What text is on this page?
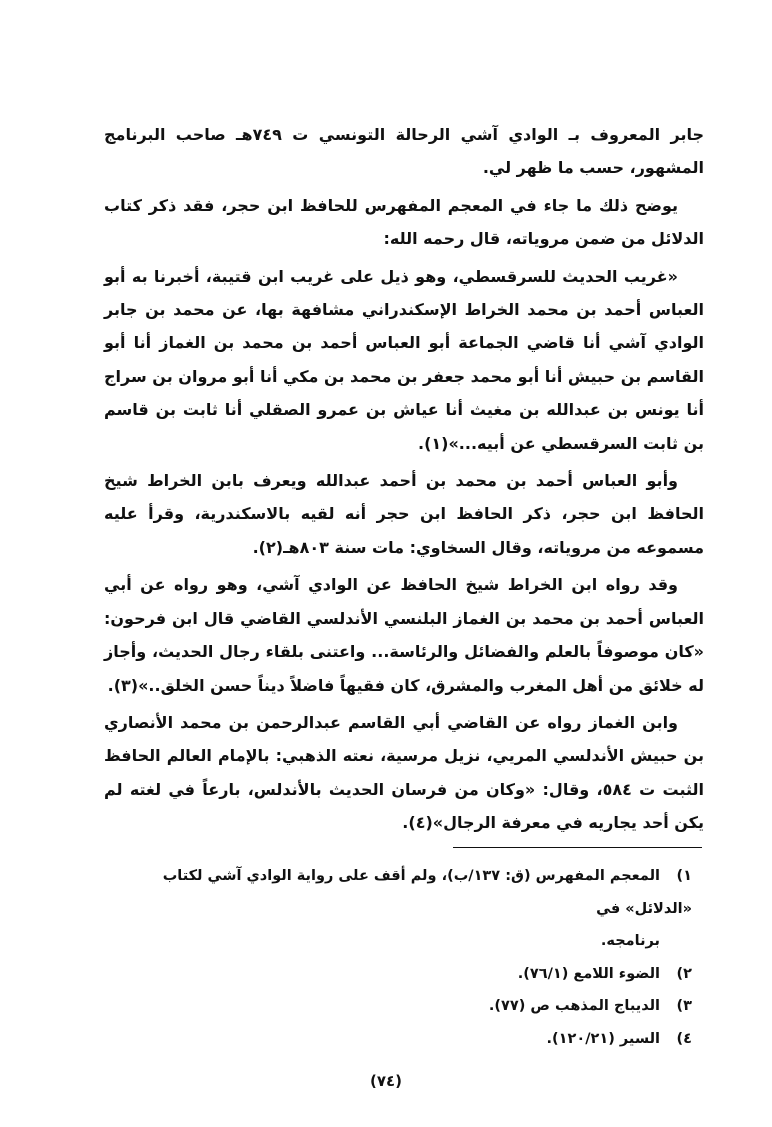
جابر المعروف بـ الوادي آشي الرحالة التونسي ت ٧٤٩هـ صاحب البرنامج المشهور، حسب ما ظهر لي.

يوضح ذلك ما جاء في المعجم المفهرس للحافظ ابن حجر، فقد ذكر كتاب الدلائل من ضمن مروياته، قال رحمه الله:

«غريب الحديث للسرقسطي، وهو ذيل على غريب ابن قتيبة، أخبرنا به أبو العباس أحمد بن محمد الخراط الإسكندراني مشافهة بها، عن محمد بن جابر الوادي آشي أنا قاضي الجماعة أبو العباس أحمد بن محمد بن الغماز أنا أبو القاسم بن حبيش أنا أبو محمد جعفر بن محمد بن مكي أنا أبو مروان بن سراج أنا يونس بن عبدالله بن مغيث أنا عياش بن عمرو الصقلي أنا ثابت بن قاسم بن ثابت السرقسطي عن أبيه...»(١).

وأبو العباس أحمد بن محمد بن أحمد عبدالله ويعرف بابن الخراط شيخ الحافظ ابن حجر، ذكر الحافظ ابن حجر أنه لقيه بالاسكندرية، وقرأ عليه مسموعه من مروياته، وقال السخاوي: مات سنة ٨٠٣هـ(٢).

وقد رواه ابن الخراط شيخ الحافظ عن الوادي آشي، وهو رواه عن أبي العباس أحمد بن محمد بن الغماز البلنسي الأندلسي القاضي قال ابن فرحون: «كان موصوفاً بالعلم والفضائل والرئاسة... واعتنى بلقاء رجال الحديث، وأجاز له خلائق من أهل المغرب والمشرق، كان فقيهاً فاضلاً ديناً حسن الخلق..»(٣).

وابن الغماز رواه عن القاضي أبي القاسم عبدالرحمن بن محمد الأنصاري بن حبيش الأندلسي المريي، نزيل مرسية، نعته الذهبي: بالإمام العالم الحافظ الثبت ت ٥٨٤، وقال: «وكان من فرسان الحديث بالأندلس، بارعاً في لغته لم يكن أحد يجاريه في معرفة الرجال»(٤).

١)المعجم المفهرس (ق: ١٣٧/ب)، ولم أقف على رواية الوادي آشي لكتاب «الدلائل» في
برنامجه.
٢)الضوء اللامع (٧٦/١).
٣)الديباج المذهب ص (٧٧).
٤)السير (١٢٠/٢١).
(٧٤)
